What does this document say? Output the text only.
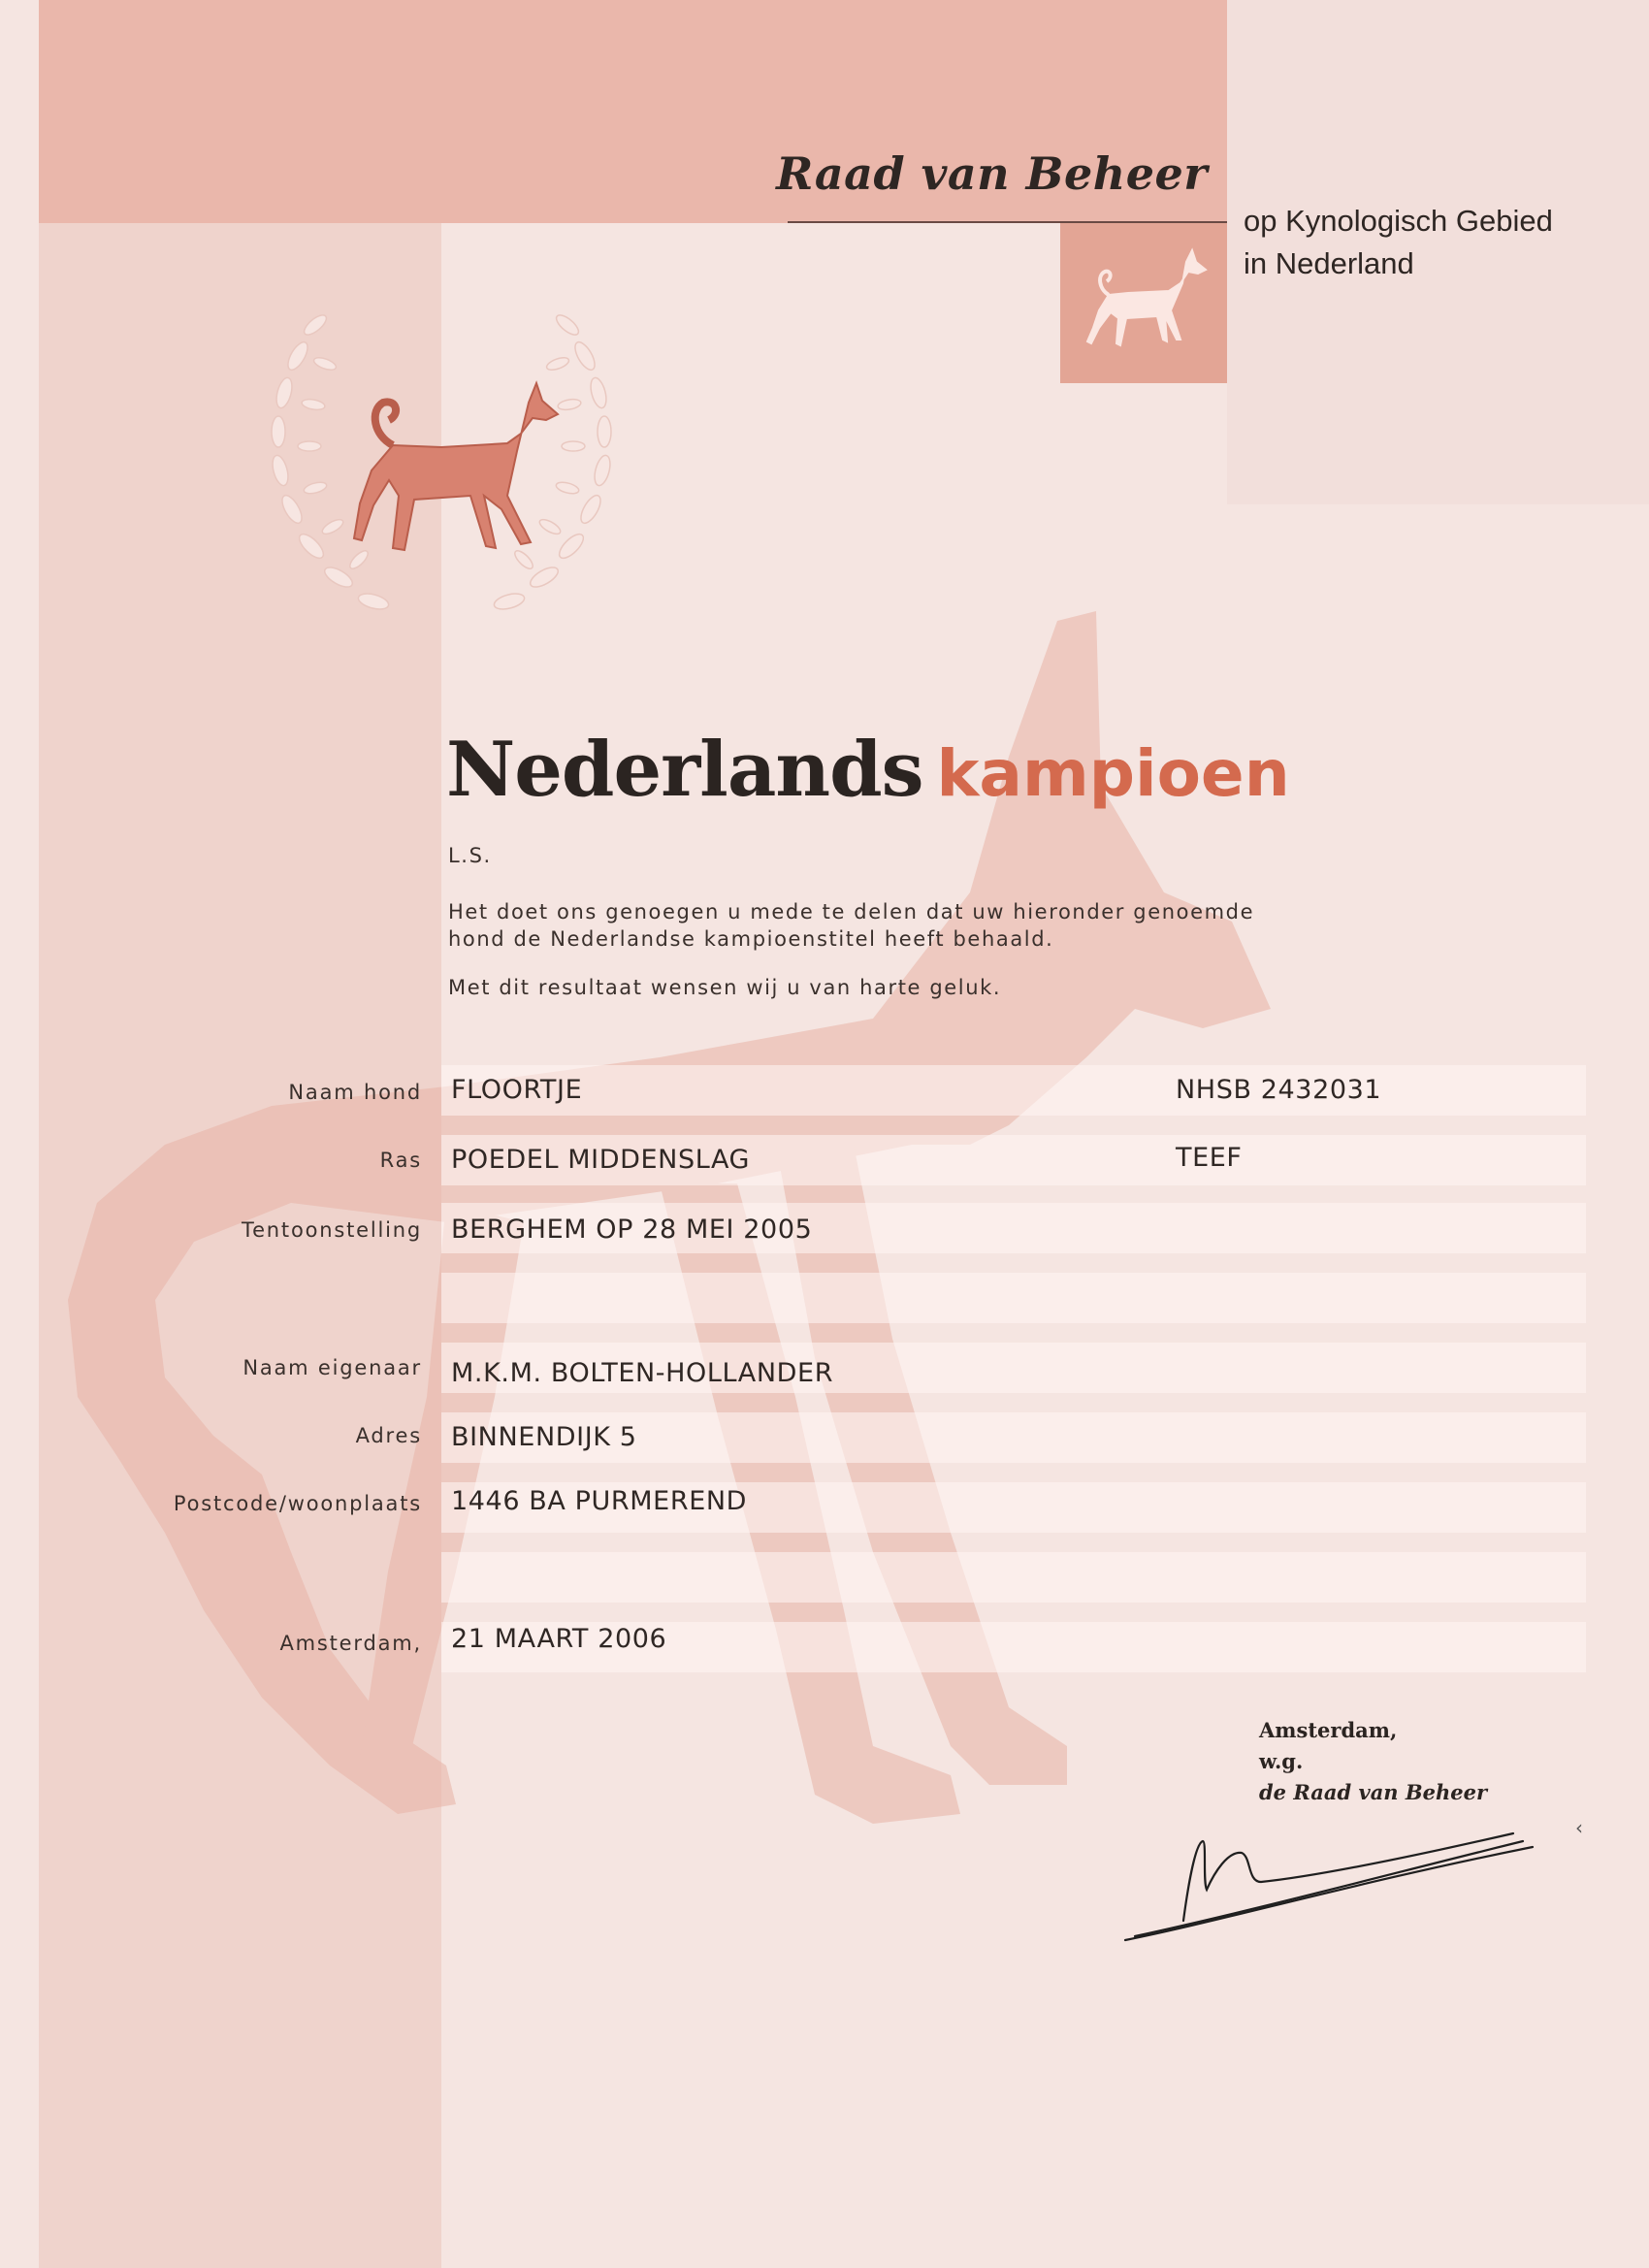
Raad van Beheer
op Kynologisch Gebied
in Nederland
Nederlands kampioen

L.S.

Het doet ons genoegen u mede te delen dat uw hieronder genoemde

hond de Nederlandse kampioenstitel heeft behaald.

Met dit resultaat wensen wij u van harte geluk.

Naam hond FLOORTJE	NHSB 2432031
Ras POEDEL MIDDENSLAG	TEEF
Tentoonstelling BERGHEM OP 28 MEI 2005
Naam eigenaar M.K.M. BOLTEN-HOLLANDER
Adres BINNENDIJK 5
Postcode/woonplaats 1446 BA PURMEREND
Amsterdam, 21 MAART 2006
Amsterdam,
w.g.
de Raad van Beheer
‹
